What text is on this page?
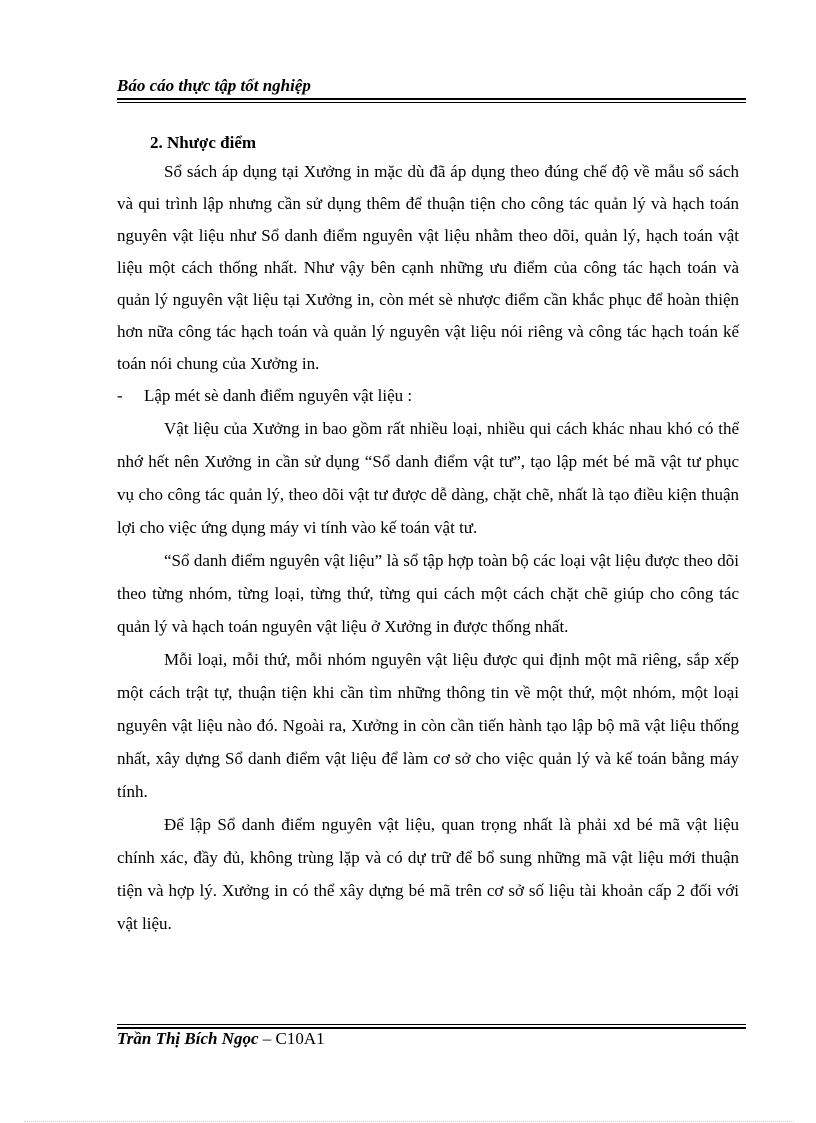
Báo cáo thực tập tốt nghiệp
2. Nhược điểm

Sổ sách áp dụng tại Xưởng in mặc dù đã áp dụng theo đúng chế độ về mẫu sổ sách và qui trình lập nhưng cần sử dụng thêm để thuận tiện cho công tác quản lý và hạch toán nguyên vật liệu như Sổ danh điểm nguyên vật liệu nhằm theo dõi, quản lý, hạch toán vật liệu một cách thống nhất. Như vậy bên cạnh những ưu điểm của công tác hạch toán và quản lý nguyên vật liệu tại Xưởng in, còn mét sè nhược điểm cần khắc phục để hoàn thiện hơn nữa công tác hạch toán và quản lý nguyên vật liệu nói riêng và công tác hạch toán kế toán nói chung của Xưởng in.

- Lập mét sè danh điểm nguyên vật liệu :

Vật liệu của Xưởng in bao gồm rất nhiều loại, nhiều qui cách khác nhau khó có thể nhớ hết nên Xưởng in cần sử dụng “Sổ danh điểm vật tư”, tạo lập mét bé mã vật tư phục vụ cho công tác quản lý, theo dõi vật tư được dễ dàng, chặt chẽ, nhất là tạo điều kiện thuận lợi cho việc ứng dụng máy vi tính vào kế toán vật tư.

“Sổ danh điểm nguyên vật liệu” là sổ tập hợp toàn bộ các loại vật liệu được theo dõi theo từng nhóm, từng loại, từng thứ, từng qui cách một cách chặt chẽ giúp cho công tác quản lý và hạch toán nguyên vật liệu ở Xưởng in được thống nhất.

Mỗi loại, mỗi thứ, mỗi nhóm nguyên vật liệu được qui định một mã riêng, sắp xếp một cách trật tự, thuận tiện khi cần tìm những thông tin về một thứ, một nhóm, một loại nguyên vật liệu nào đó. Ngoài ra, Xưởng in còn cần tiến hành tạo lập bộ mã vật liệu thống nhất, xây dựng Sổ danh điểm vật liệu để làm cơ sở cho việc quản lý và kế toán bằng máy tính.

Để lập Sổ danh điểm nguyên vật liệu, quan trọng nhất là phải xd bé mã vật liệu chính xác, đầy đủ, không trùng lặp và có dự trữ để bổ sung những mã vật liệu mới thuận tiện và hợp lý. Xưởng in có thể xây dựng bé mã trên cơ sở số liệu tài khoản cấp 2 đối với vật liệu.

Trần Thị Bích Ngọc – C10A1
